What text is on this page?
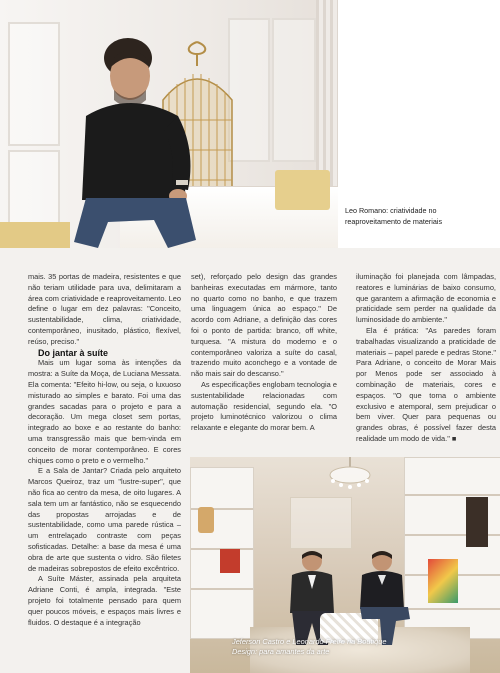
Leo Romano: criatividade no reaproveitamento de materiais

mais. 35 portas de madeira, resistentes e que não teriam utilidade para uva, delimitaram a área com criatividade e reaproveitamento. Leo define o lugar em dez palavras: "Conceito, sustentabilidade, clima, criatividade, contemporâneo, inusitado, plástico, flexível, reúso, preciso."

Do jantar à suíte

Mais um lugar soma às intenções da mostra: a Suíte da Moça, de Luciana Messata. Ela comenta: "Efeito hi-low, ou seja, o luxuoso misturado ao simples e barato. Foi uma das grandes sacadas para o projeto e para a decoração. Um mega closet sem portas, integrado ao boxe e ao restante do banho: uma transgressão mais que bem-vinda em conceito de morar contemporâneo. E cores chiques como o preto e o vermelho."

E a Sala de Jantar? Criada pelo arquiteto Marcos Queiroz, traz um "lustre-super", que não fica ao centro da mesa, de oito lugares. A sala tem um ar fantástico, não se esquecendo das propostas arrojadas e de sustentabilidade, como uma parede rústica – um entrelaçado contraste com peças sofisticadas. Detalhe: a base da mesa é uma obra de arte que sustenta o vidro. São filetes de madeiras sobrepostos de efeito excêntrico.

A Suíte Máster, assinada pela arquiteta Adriane Conti, é ampla, integrada. "Este projeto foi totalmente pensado para quem quer poucos móveis, e espaços mais livres e fluidos. O destaque é a integração

set), reforçado pelo design das grandes banheiras executadas em mármore, tanto no quarto como no banho, e que trazem uma linguagem única ao espaço." De acordo com Adriane, a definição das cores foi o ponto de partida: branco, off white, turquesa. "A mistura do moderno e o contemporâneo valoriza a suíte do casal, trazendo muito aconchego e a vontade de não mais sair do descanso."

As especificações englobam tecnologia e sustentabilidade relacionadas com automação residencial, segundo ela. "O projeto luminotécnico valorizou o clima relaxante e elegante do morar bem. A

iluminação foi planejada com lâmpadas, reatores e luminárias de baixo consumo, que garantem a afirmação de economia e praticidade sem perder na qualidade da luminosidade do ambiente."

Ela é prática: "As paredes foram trabalhadas visualizando a praticidade de materiais – papel parede e pedras Stone." Para Adriane, o conceito de Morar Mais por Menos pode ser associado à combinação de materiais, cores e espaços. "O que torna o ambiente exclusivo e atemporal, sem prejudicar o bem viver. Quer para pequenas ou grandes obras, é possível fazer desta realidade um modo de vida." ■

Jeferson Castro e Leonardo Freire na Boutique Design: para amantes da arte
